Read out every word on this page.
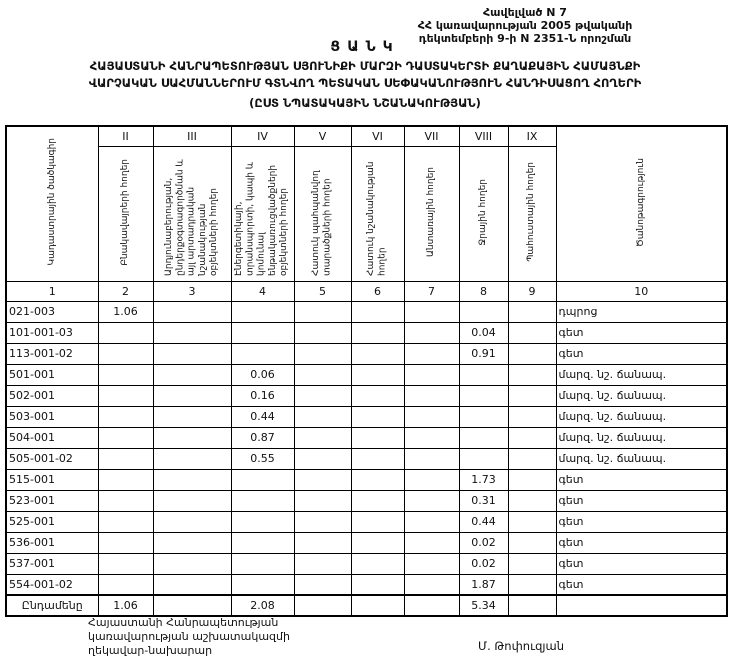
Հավելված N 7
ՀՀ կառավարության 2005 թվականի
դեկտեմբերի 9-ի N 2351-Ն որոշման
ՑԱՆԿ
ՀԱՅԱՍՏԱՆԻ ՀԱՆՐԱՊԵՏՈՒԹՅԱՆ ՍՅՈՒՆԻՔԻ ՄԱՐԶԻ ԴԱՍՏԱԿԵՐՏԻ ՔԱՂԱՔԱՅԻՆ ՀԱՄԱՅՆՔԻ
ՎԱՐՉԱԿԱՆ ՍԱՀՄԱՆՆԵՐՈՒՄ ԳՏՆՎՈՂ ՊԵՏԱԿԱՆ ՍԵՓԱԿԱՆՈՒԹՅՈՒՆ ՀԱՆԴԻՍԱՑՈՂ ՀՈՂԵՐԻ
(ԸՍՏ ՆՊԱՏԱԿԱՅԻՆ ՆՇԱՆԱԿՈՒԹՅԱՆ)
Կադաստրային ծածկագիր	II	III	IV	V	VI	VII	VIII	IX	Ծանոթագրություն
	Բնակավայրերի հողեր	Արդյունաբերության, ընդերքօգտագործման և այլ արտադրական նշանակության օբյեկտների հողեր	Էներգետիկայի, տրանսպորտի, կապի և կոմունալ ենթակառուցվածքների օբյեկտների հողեր	Հատուկ պահպանվող տարածքների հողեր	Հատուկ նշանակության հողեր	Անտառային հողեր	Ջրային հողեր	Պահուստային հողեր	
1	2	3	4	5	6	7	8	9	10
021-003	1.06								դպրոց
101-001-03							0.04		գետ
113-001-02							0.91		գետ
501-001			0.06						մարզ. նշ. ճանապ.
502-001			0.16						մարզ. նշ. ճանապ.
503-001			0.44						մարզ. նշ. ճանապ.
504-001			0.87						մարզ. նշ. ճանապ.
505-001-02			0.55						մարզ. նշ. ճանապ.
515-001							1.73		գետ
523-001							0.31		գետ
525-001							0.44		գետ
536-001							0.02		գետ
537-001							0.02		գետ
554-001-02							1.87		գետ
Ընդամենը	1.06		2.08				5.34		
Հայաստանի Հանրապետության
կառավարության աշխատակազմի
ղեկավար-նախարար	Մ. Թոփուզյան
